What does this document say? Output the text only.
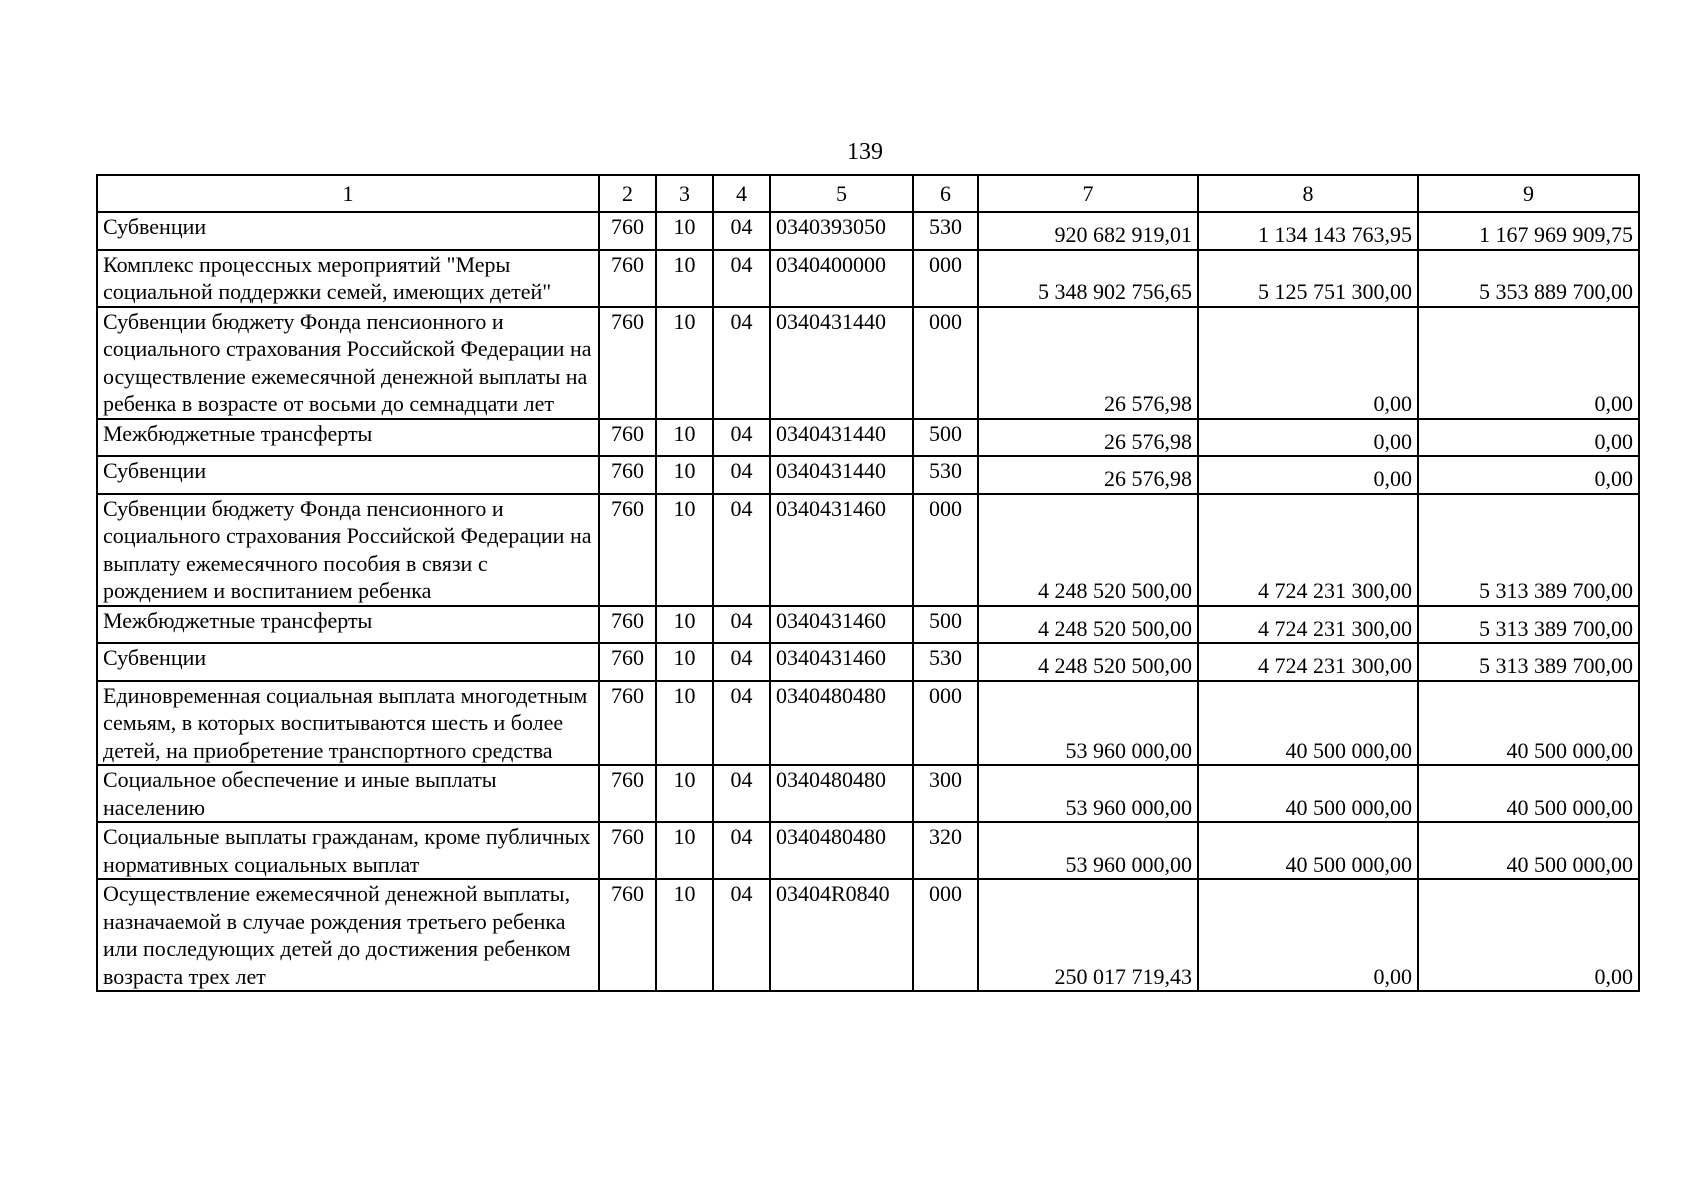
139
1	2	3	4	5	6	7	8	9
Субвенции	760	10	04	0340393050	530	920 682 919,01	1 134 143 763,95	1 167 969 909,75
Комплекс процессных мероприятий "Меры социальной поддержки семей, имеющих детей"	760	10	04	0340400000	000	5 348 902 756,65	5 125 751 300,00	5 353 889 700,00
Субвенции бюджету Фонда пенсионного и социального страхования Российской Федерации на осуществление ежемесячной денежной выплаты на ребенка в возрасте от восьми до семнадцати лет	760	10	04	0340431440	000	26 576,98	0,00	0,00
Межбюджетные трансферты	760	10	04	0340431440	500	26 576,98	0,00	0,00
Субвенции	760	10	04	0340431440	530	26 576,98	0,00	0,00
Субвенции бюджету Фонда пенсионного и социального страхования Российской Федерации на выплату ежемесячного пособия в связи с рождением и воспитанием ребенка	760	10	04	0340431460	000	4 248 520 500,00	4 724 231 300,00	5 313 389 700,00
Межбюджетные трансферты	760	10	04	0340431460	500	4 248 520 500,00	4 724 231 300,00	5 313 389 700,00
Субвенции	760	10	04	0340431460	530	4 248 520 500,00	4 724 231 300,00	5 313 389 700,00
Единовременная социальная выплата многодетным семьям, в которых воспитываются шесть и более детей, на приобретение транспортного средства	760	10	04	0340480480	000	53 960 000,00	40 500 000,00	40 500 000,00
Социальное обеспечение и иные выплаты населению	760	10	04	0340480480	300	53 960 000,00	40 500 000,00	40 500 000,00
Социальные выплаты гражданам, кроме публичных нормативных социальных выплат	760	10	04	0340480480	320	53 960 000,00	40 500 000,00	40 500 000,00
Осуществление ежемесячной денежной выплаты, назначаемой в случае рождения третьего ребенка или последующих детей до достижения ребенком возраста трех лет	760	10	04	03404R0840	000	250 017 719,43	0,00	0,00
